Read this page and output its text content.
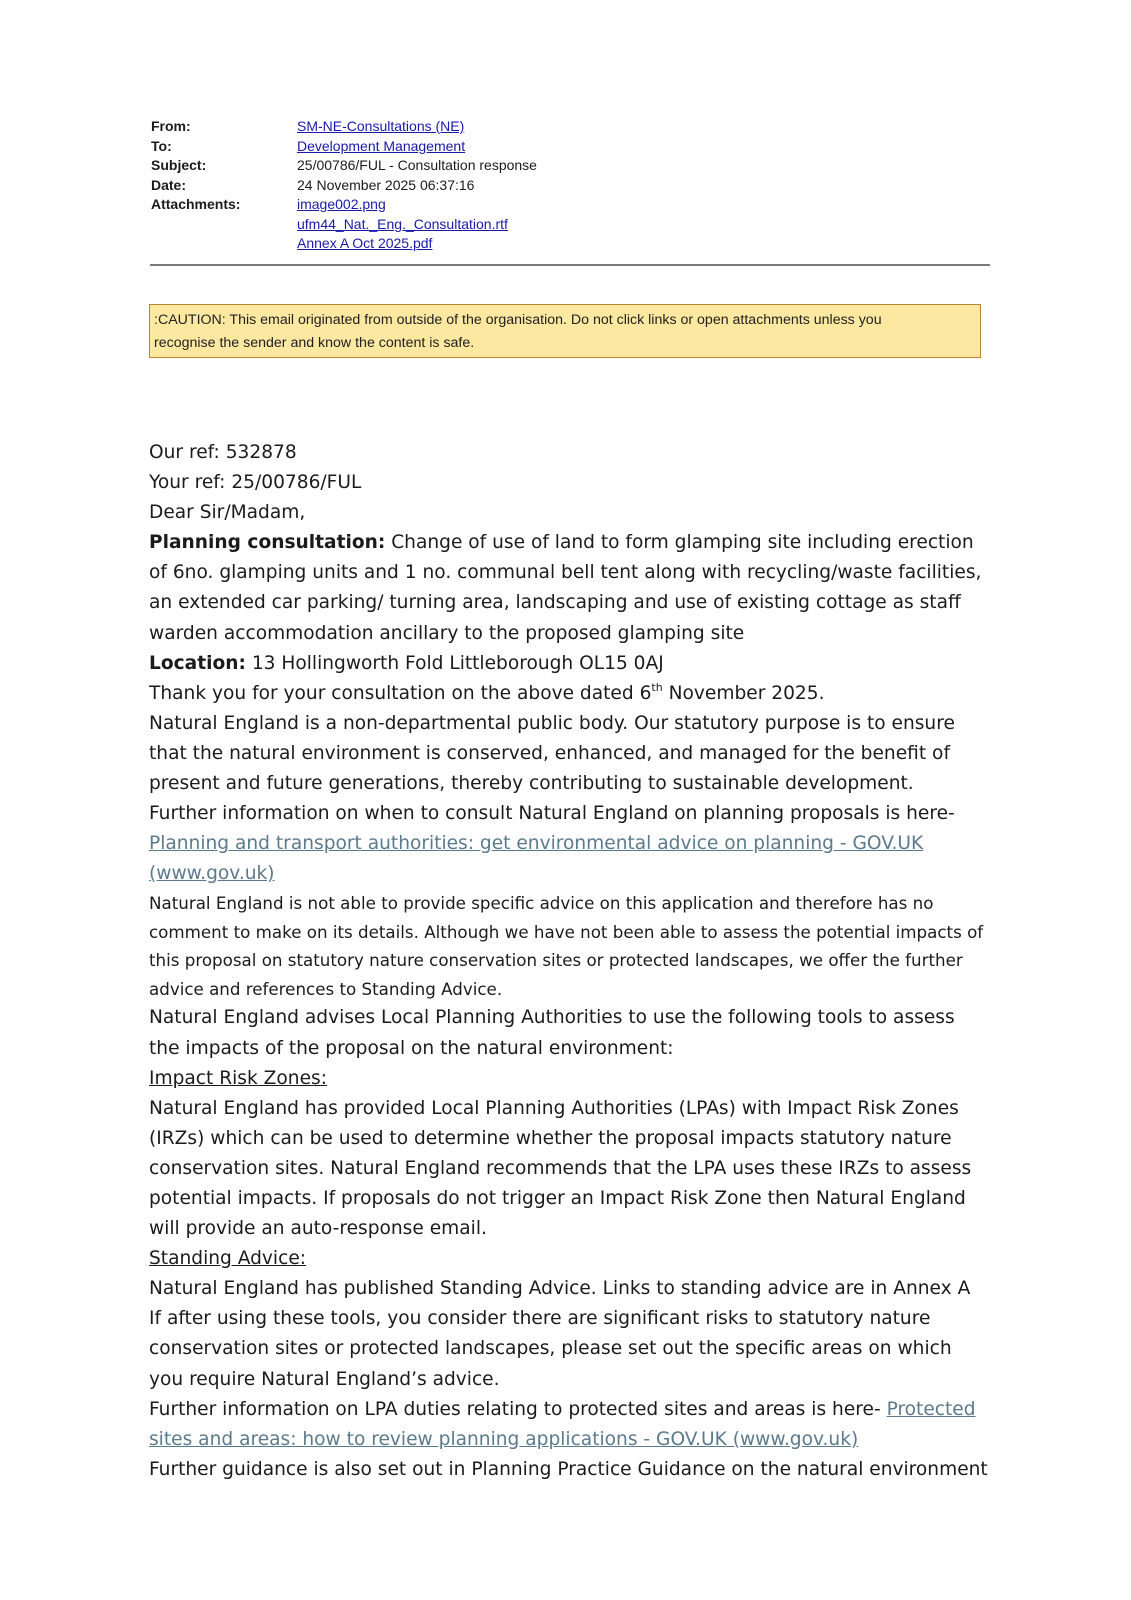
From:	SM-NE-Consultations (NE)
To:	Development Management
Subject:	25/00786/FUL - Consultation response
Date:	24 November 2025 06:37:16
Attachments:	image002.png
ufm44_Nat._Eng._Consultation.rtf
Annex A Oct 2025.pdf
:CAUTION: This email originated from outside of the organisation. Do not click links or open attachments unless you
recognise the sender and know the content is safe.

Our ref: 532878

Your ref: 25/00786/FUL

Dear Sir/Madam,

Planning consultation: Change of use of land to form glamping site including erection of 6no. glamping units and 1 no. communal bell tent along with recycling/waste facilities, an extended car parking/ turning area, landscaping and use of existing cottage as staff warden accommodation ancillary to the proposed glamping site

Location: 13 Hollingworth Fold Littleborough OL15 0AJ

Thank you for your consultation on the above dated 6th November 2025.

Natural England is a non-departmental public body. Our statutory purpose is to ensure that the natural environment is conserved, enhanced, and managed for the benefit of present and future generations, thereby contributing to sustainable development.

Further information on when to consult Natural England on planning proposals is here-

Planning and transport authorities: get environmental advice on planning - GOV.UK (www.gov.uk)

Natural England is not able to provide specific advice on this application and therefore has no comment to make on its details. Although we have not been able to assess the potential impacts of this proposal on statutory nature conservation sites or protected landscapes, we offer the further advice and references to Standing Advice.

Natural England advises Local Planning Authorities to use the following tools to assess the impacts of the proposal on the natural environment:

Impact Risk Zones:

Natural England has provided Local Planning Authorities (LPAs) with Impact Risk Zones (IRZs) which can be used to determine whether the proposal impacts statutory nature conservation sites. Natural England recommends that the LPA uses these IRZs to assess potential impacts. If proposals do not trigger an Impact Risk Zone then Natural England will provide an auto-response email.

Standing Advice:

Natural England has published Standing Advice. Links to standing advice are in Annex A

If after using these tools, you consider there are significant risks to statutory nature conservation sites or protected landscapes, please set out the specific areas on which you require Natural England’s advice.

Further information on LPA duties relating to protected sites and areas is here- Protected sites and areas: how to review planning applications - GOV.UK (www.gov.uk)

Further guidance is also set out in Planning Practice Guidance on the natural environment
